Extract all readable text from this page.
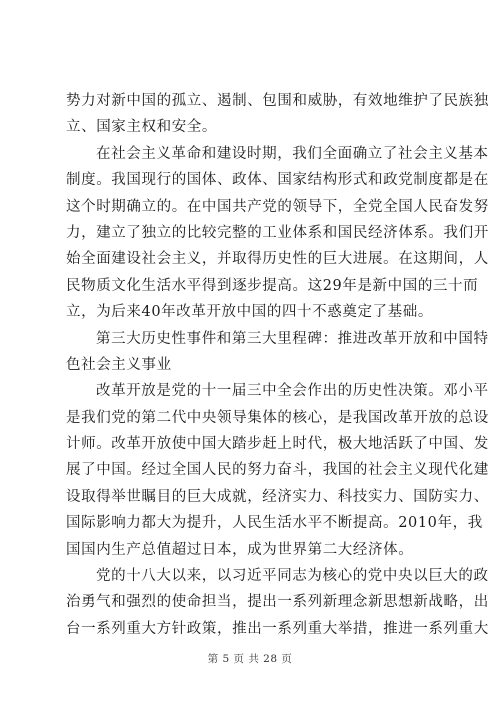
势力对新中国的孤立、遏制、包围和威胁，有效地维护了民族独
立、国家主权和安全。
在社会主义革命和建设时期，我们全面确立了社会主义基本
制度。我国现行的国体、政体、国家结构形式和政党制度都是在
这个时期确立的。在中国共产党的领导下，全党全国人民奋发努
力，建立了独立的比较完整的工业体系和国民经济体系。我们开
始全面建设社会主义，并取得历史性的巨大进展。在这期间，人
民物质文化生活水平得到逐步提高。这29年是新中国的三十而
立，为后来40年改革开放中国的四十不惑奠定了基础。
第三大历史性事件和第三大里程碑：推进改革开放和中国特
色社会主义事业
改革开放是党的十一届三中全会作出的历史性决策。邓小平
是我们党的第二代中央领导集体的核心，是我国改革开放的总设
计师。改革开放使中国大踏步赶上时代，极大地活跃了中国、发
展了中国。经过全国人民的努力奋斗，我国的社会主义现代化建
设取得举世瞩目的巨大成就，经济实力、科技实力、国防实力、
国际影响力都大为提升，人民生活水平不断提高。2010年，我
国国内生产总值超过日本，成为世界第二大经济体。
党的十八大以来，以习近平同志为核心的党中央以巨大的政
治勇气和强烈的使命担当，提出一系列新理念新思想新战略，出
台一系列重大方针政策，推出一系列重大举措，推进一系列重大
第 5 页 共 28 页
